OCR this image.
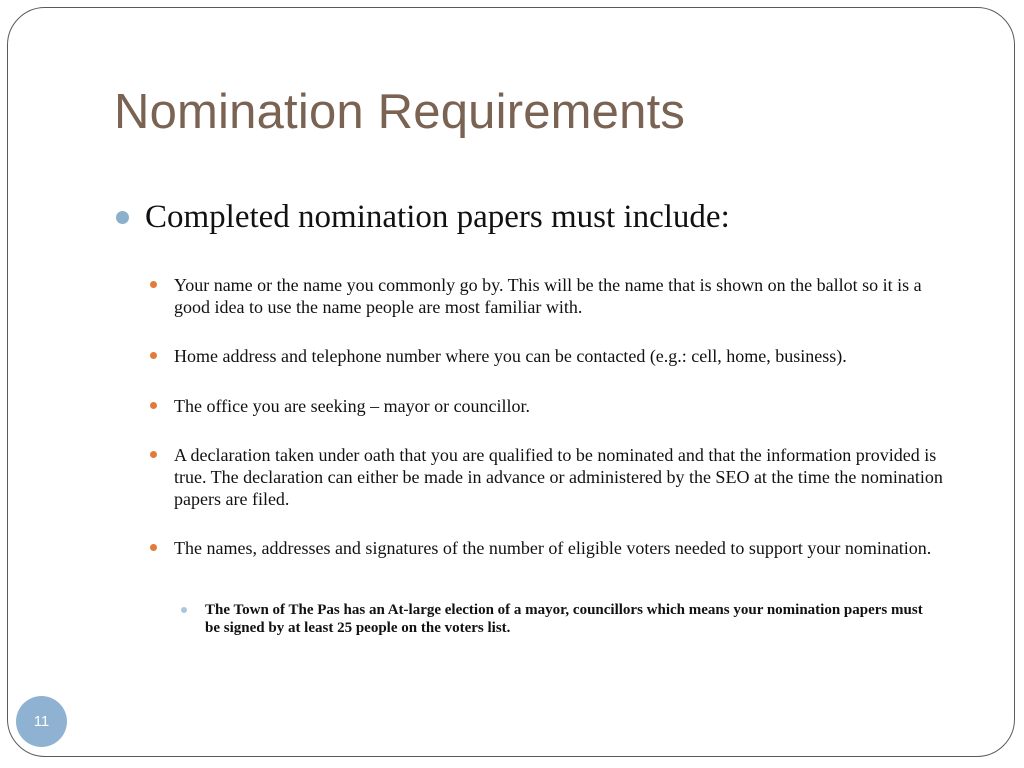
Nomination Requirements
Completed nomination papers must include:
Your name or the name you commonly go by. This will be the name that is shown on the ballot so it is a good idea to use the name people are most familiar with.
Home address and telephone number where you can be contacted (e.g.: cell, home, business).
The office you are seeking – mayor or councillor.
A declaration taken under oath that you are qualified to be nominated and that the information provided is true. The declaration can either be made in advance or administered by the SEO at the time the nomination papers are filed.
The names, addresses and signatures of the number of eligible voters needed to support your nomination.
The Town of The Pas has an At-large election of a mayor, councillors which means your nomination papers must be signed by at least 25 people on the voters list.
11
